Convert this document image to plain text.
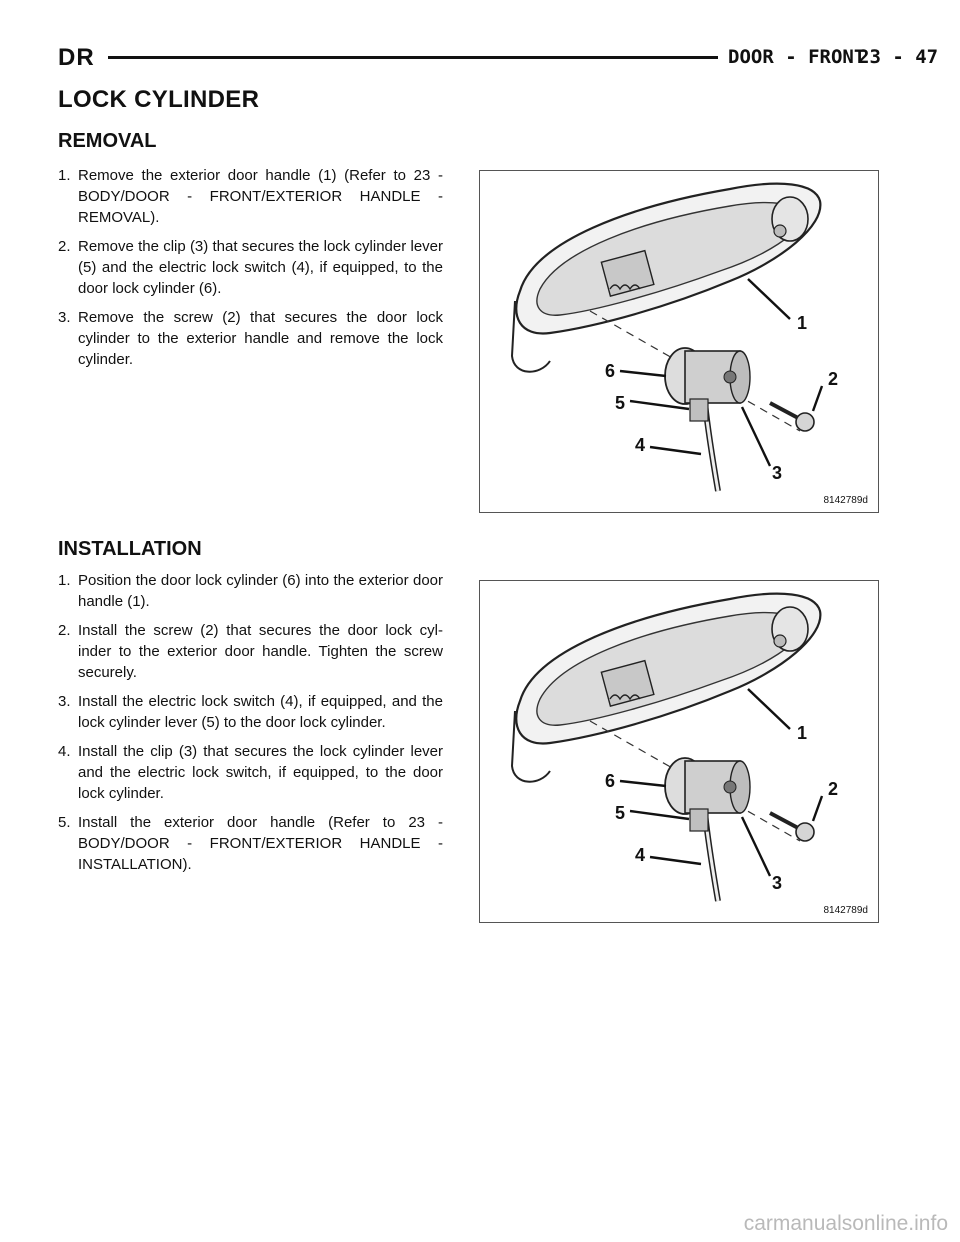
DR	DOOR - FRONT
23 - 47
LOCK CYLINDER
REMOVAL
1. Remove the exterior door handle (1) (Refer to 23 - BODY/DOOR - FRONT/EXTERIOR HANDLE - REMOVAL).
2. Remove the clip (3) that secures the lock cylinder lever (5) and the electric lock switch (4), if equipped, to the door lock cylinder (6).
3. Remove the screw (2) that secures the door lock cylinder to the exterior handle and remove the lock cylinder.
1
2
3
4
5
6
8142789d
INSTALLATION
1. Position the door lock cylinder (6) into the exterior door handle (1).
2. Install the screw (2) that secures the door lock cyl-inder to the exterior door handle. Tighten the screw securely.
3. Install the electric lock switch (4), if equipped, and the lock cylinder lever (5) to the door lock cylinder.
4. Install the clip (3) that secures the lock cylinder lever and the electric lock switch, if equipped, to the door lock cylinder.
5. Install the exterior door handle (Refer to 23 - BODY/DOOR - FRONT/EXTERIOR HANDLE - INSTALLATION).
1
2
3
4
5
6
8142789d
carmanualsonline.info
